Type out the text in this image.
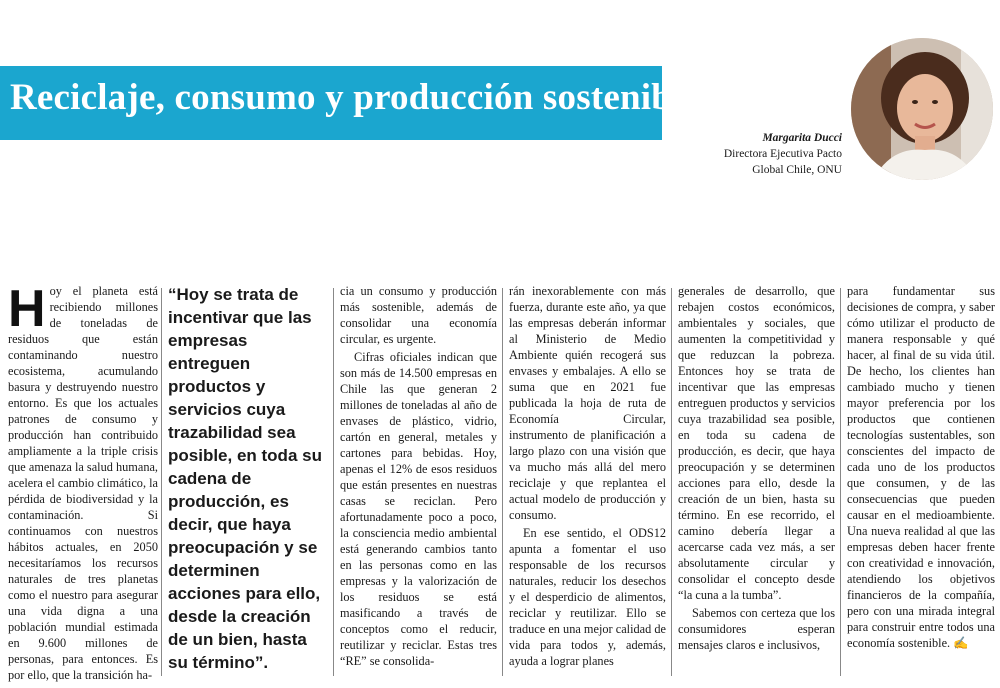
Reciclaje, consumo y producción sostenible
Margarita Ducci
Directora Ejecutiva Pacto
Global Chile, ONU

H oy el planeta está recibiendo millones de toneladas de residuos que están contaminando nuestro ecosistema, acumulando basura y destruyendo nuestro entorno. Es que los actuales patrones de consumo y producción han contribuido ampliamente a la triple crisis que amenaza la salud humana, acelera el cambio climático, la pérdida de biodiversidad y la contaminación. Si continuamos con nuestros hábitos actuales, en 2050 necesitaríamos los recursos naturales de tres planetas como el nuestro para asegurar una vida digna a una población mundial estimada en 9.600 millones de personas, para entonces. Es por ello, que la transición ha-

“Hoy se trata de incentivar que las empresas entreguen productos y servicios cuya trazabilidad sea posible, en toda su cadena de producción, es decir, que haya preocupación y se determinen acciones para ello, desde la creación de un bien, hasta su término”.

cia un consumo y producción más sostenible, además de consolidar una economía circular, es urgente.

Cifras oficiales indican que son más de 14.500 empresas en Chile las que generan 2 millones de toneladas al año de envases de plástico, vidrio, cartón en general, metales y cartones para bebidas. Hoy, apenas el 12% de esos residuos que están presentes en nuestras casas se reciclan. Pero afortunadamente poco a poco, la consciencia medio ambiental está generando cambios tanto en las personas como en las empresas y la valorización de los residuos se está masificando a través de conceptos como el reducir, reutilizar y reciclar. Estas tres “RE” se consolida-

rán inexorablemente con más fuerza, durante este año, ya que las empresas deberán informar al Ministerio de Medio Ambiente quién recogerá sus envases y embalajes. A ello se suma que en 2021 fue publicada la hoja de ruta de Economía Circular, instrumento de planificación a largo plazo con una visión que va mucho más allá del mero reciclaje y que replantea el actual modelo de producción y consumo.

En ese sentido, el ODS12 apunta a fomentar el uso responsable de los recursos naturales, reducir los desechos y el desperdicio de alimentos, reciclar y reutilizar. Ello se traduce en una mejor calidad de vida para todos y, además, ayuda a lograr planes

generales de desarrollo, que rebajen costos económicos, ambientales y sociales, que aumenten la competitividad y que reduzcan la pobreza. Entonces hoy se trata de incentivar que las empresas entreguen productos y servicios cuya trazabilidad sea posible, en toda su cadena de producción, es decir, que haya preocupación y se determinen acciones para ello, desde la creación de un bien, hasta su término. En ese recorrido, el camino debería llegar a acercarse cada vez más, a ser absolutamente circular y consolidar el concepto desde “la cuna a la tumba”.

Sabemos con certeza que los consumidores esperan mensajes claros e inclusivos,

para fundamentar sus decisiones de compra, y saber cómo utilizar el producto de manera responsable y qué hacer, al final de su vida útil. De hecho, los clientes han cambiado mucho y tienen mayor preferencia por los productos que contienen tecnologías sustentables, son conscientes del impacto de cada uno de los productos que consumen, y de las consecuencias que pueden causar en el medioambiente. Una nueva realidad al que las empresas deben hacer frente con creatividad e innovación, atendiendo los objetivos financieros de la compañía, pero con una mirada integral para construir entre todos una economía sostenible. ✍
